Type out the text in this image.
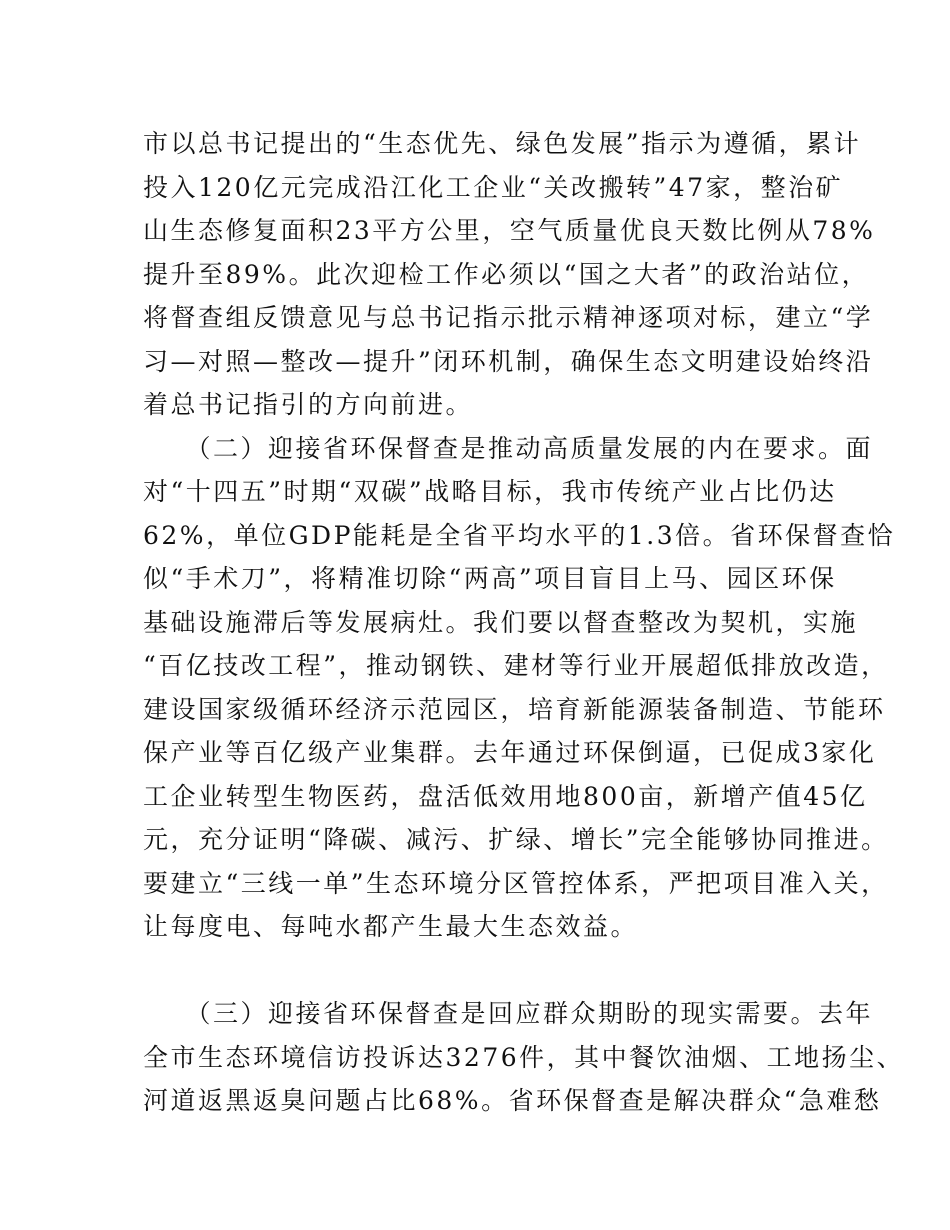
市以总书记提出的“生态优先、绿色发展”指示为遵循，累计
投入120亿元完成沿江化工企业“关改搬转”47家，整治矿
山生态修复面积23平方公里，空气质量优良天数比例从78%
提升至89%。此次迎检工作必须以“国之大者”的政治站位，
将督查组反馈意见与总书记指示批示精神逐项对标，建立“学
习—对照—整改—提升”闭环机制，确保生态文明建设始终沿
着总书记指引的方向前进。
　　（二）迎接省环保督查是推动高质量发展的内在要求。面
对“十四五”时期“双碳”战略目标，我市传统产业占比仍达
62%，单位GDP能耗是全省平均水平的1.3倍。省环保督查恰
似“手术刀”，将精准切除“两高”项目盲目上马、园区环保
基础设施滞后等发展病灶。我们要以督查整改为契机，实施
“百亿技改工程”，推动钢铁、建材等行业开展超低排放改造，
建设国家级循环经济示范园区，培育新能源装备制造、节能环
保产业等百亿级产业集群。去年通过环保倒逼，已促成3家化
工企业转型生物医药，盘活低效用地800亩，新增产值45亿
元，充分证明“降碳、减污、扩绿、增长”完全能够协同推进。
要建立“三线一单”生态环境分区管控体系，严把项目准入关，
让每度电、每吨水都产生最大生态效益。
　　（三）迎接省环保督查是回应群众期盼的现实需要。去年
全市生态环境信访投诉达3276件，其中餐饮油烟、工地扬尘、
河道返黑返臭问题占比68%。省环保督查是解决群众“急难愁
